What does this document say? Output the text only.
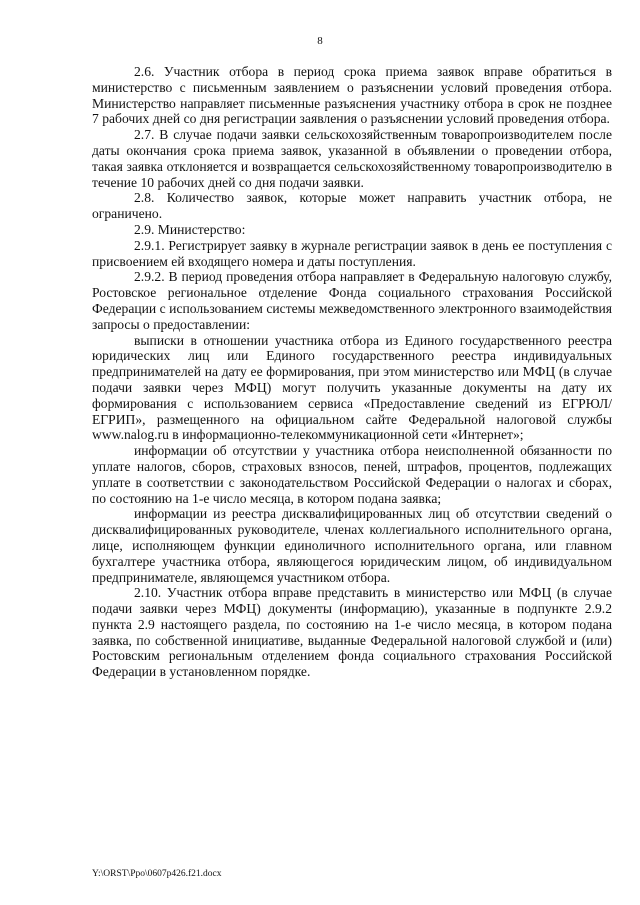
8

2.6. Участник отбора в период срока приема заявок вправе обратиться в министерство с письменным заявлением о разъяснении условий проведения отбора. Министерство направляет письменные разъяснения участнику отбора в срок не позднее 7 рабочих дней со дня регистрации заявления о разъяснении условий проведения отбора.

2.7. В случае подачи заявки сельскохозяйственным товаропроизводителем после даты окончания срока приема заявок, указанной в объявлении о проведении отбора, такая заявка отклоняется и возвращается сельскохозяйственному товаропроизводителю в течение 10 рабочих дней со дня подачи заявки.

2.8. Количество заявок, которые может направить участник отбора, не ограничено.

2.9. Министерство:

2.9.1. Регистрирует заявку в журнале регистрации заявок в день ее поступления с присвоением ей входящего номера и даты поступления.

2.9.2. В период проведения отбора направляет в Федеральную налоговую службу, Ростовское региональное отделение Фонда социального страхования Российской Федерации с использованием системы межведомственного электронного взаимодействия запросы о предоставлении:

выписки в отношении участника отбора из Единого государственного реестра юридических лиц или Единого государственного реестра индивидуальных предпринимателей на дату ее формирования, при этом министерство или МФЦ (в случае подачи заявки через МФЦ) могут получить указанные документы на дату их формирования с использованием сервиса «Предоставление сведений из ЕГРЮЛ/ЕГРИП», размещенного на официальном сайте Федеральной налоговой службы www.nalog.ru в информационно-телекоммуникационной сети «Интернет»;

информации об отсутствии у участника отбора неисполненной обязанности по уплате налогов, сборов, страховых взносов, пеней, штрафов, процентов, подлежащих уплате в соответствии с законодательством Российской Федерации о налогах и сборах, по состоянию на 1-е число месяца, в котором подана заявка;

информации из реестра дисквалифицированных лиц об отсутствии сведений о дисквалифицированных руководителе, членах коллегиального исполнительного органа, лице, исполняющем функции единоличного исполнительного органа, или главном бухгалтере участника отбора, являющегося юридическим лицом, об индивидуальном предпринимателе, являющемся участником отбора.

2.10. Участник отбора вправе представить в министерство или МФЦ (в случае подачи заявки через МФЦ) документы (информацию), указанные в подпункте 2.9.2 пункта 2.9 настоящего раздела, по состоянию на 1-е число месяца, в котором подана заявка, по собственной инициативе, выданные Федеральной налоговой службой и (или) Ростовским региональным отделением фонда социального страхования Российской Федерации в установленном порядке.

Y:\ORST\Ppo\0607p426.f21.docx
